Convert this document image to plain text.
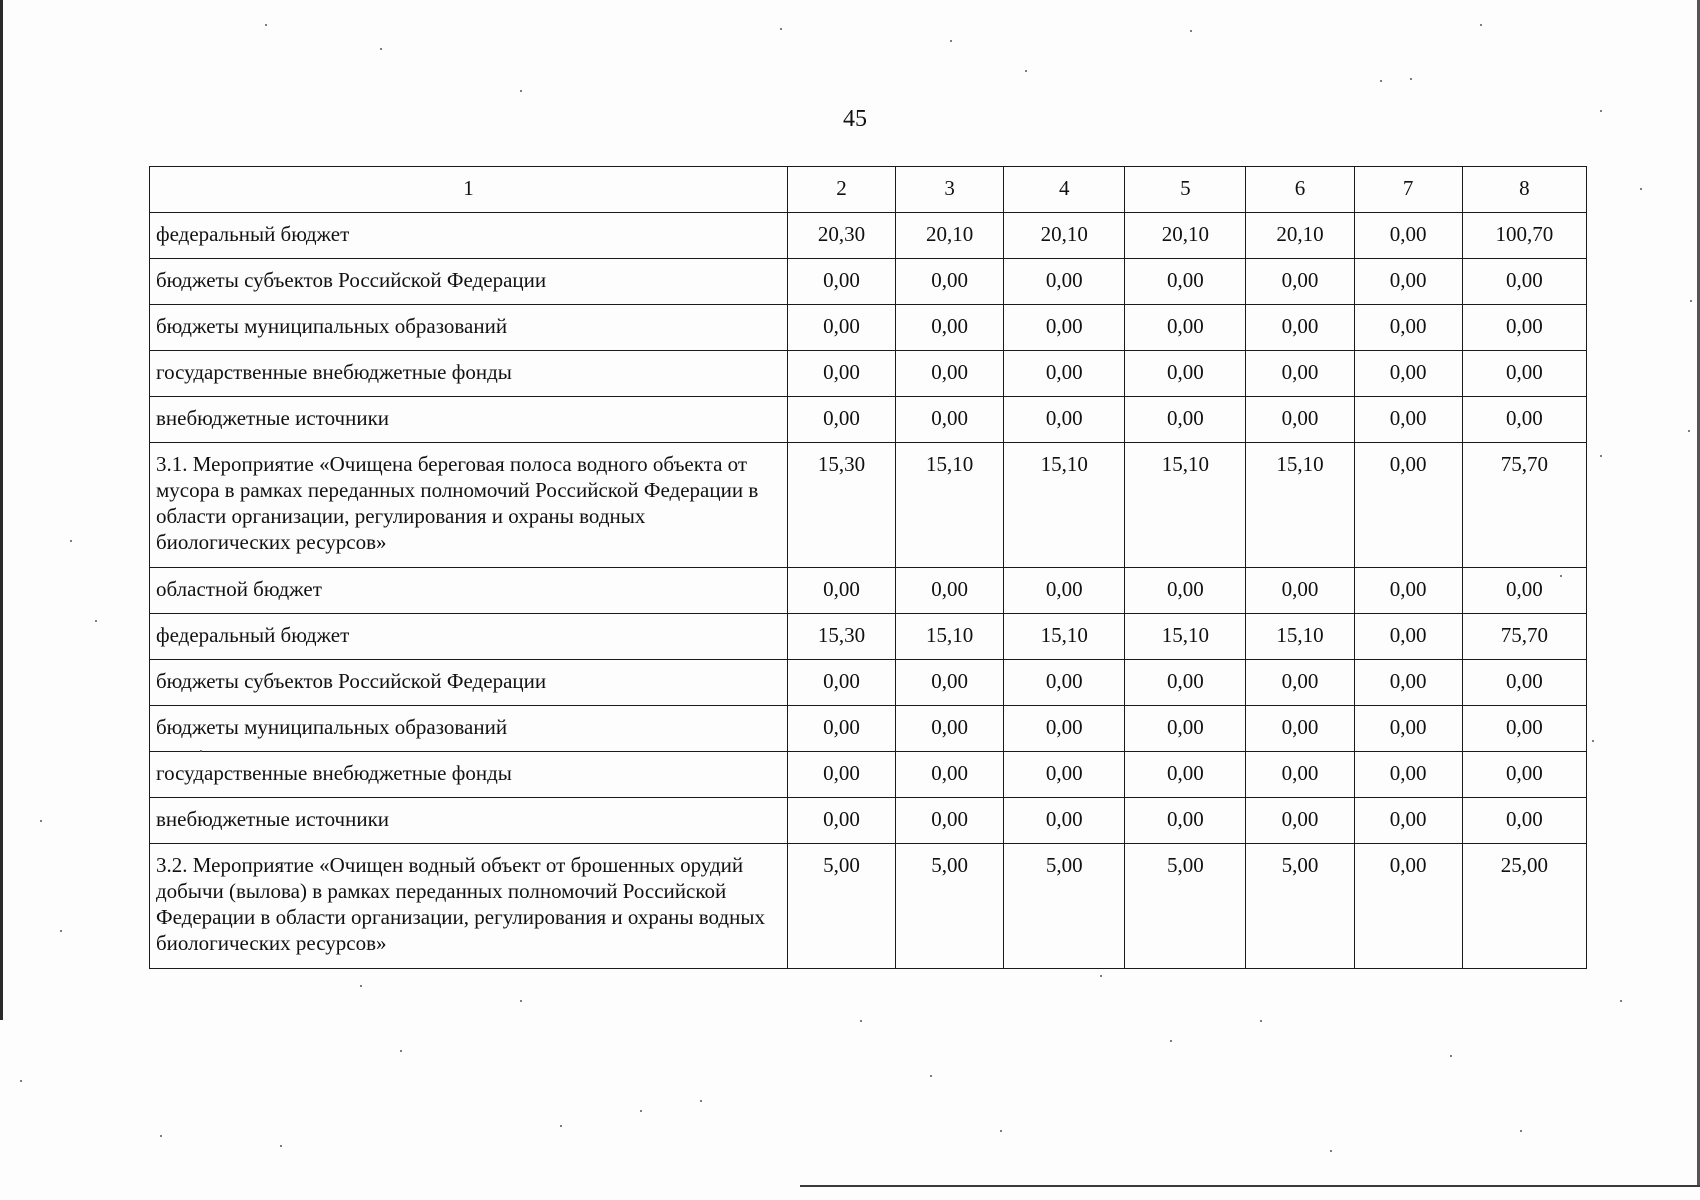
45
1	2	3	4	5	6	7	8
федеральный бюджет	20,30	20,10	20,10	20,10	20,10	0,00	100,70
бюджеты субъектов Российской Федерации	0,00	0,00	0,00	0,00	0,00	0,00	0,00
бюджеты муниципальных образований	0,00	0,00	0,00	0,00	0,00	0,00	0,00
государственные внебюджетные фонды	0,00	0,00	0,00	0,00	0,00	0,00	0,00
внебюджетные источники	0,00	0,00	0,00	0,00	0,00	0,00	0,00
3.1. Мероприятие «Очищена береговая полоса водного объекта от мусора в рамках переданных полномочий Российской Федерации в области организации, регулирования и охраны водных биологических ресурсов»	15,30	15,10	15,10	15,10	15,10	0,00	75,70
областной бюджет	0,00	0,00	0,00	0,00	0,00	0,00	0,00
федеральный бюджет	15,30	15,10	15,10	15,10	15,10	0,00	75,70
бюджеты субъектов Российской Федерации	0,00	0,00	0,00	0,00	0,00	0,00	0,00
бюджеты муниципальных образований	0,00	0,00	0,00	0,00	0,00	0,00	0,00
государственные внебюджетные фонды	0,00	0,00	0,00	0,00	0,00	0,00	0,00
внебюджетные источники	0,00	0,00	0,00	0,00	0,00	0,00	0,00
3.2. Мероприятие «Очищен водный объект от брошенных орудий добычи (вылова) в рамках переданных полномочий Российской Федерации в области организации, регулирования и охраны водных биологических ресурсов»	5,00	5,00	5,00	5,00	5,00	0,00	25,00
